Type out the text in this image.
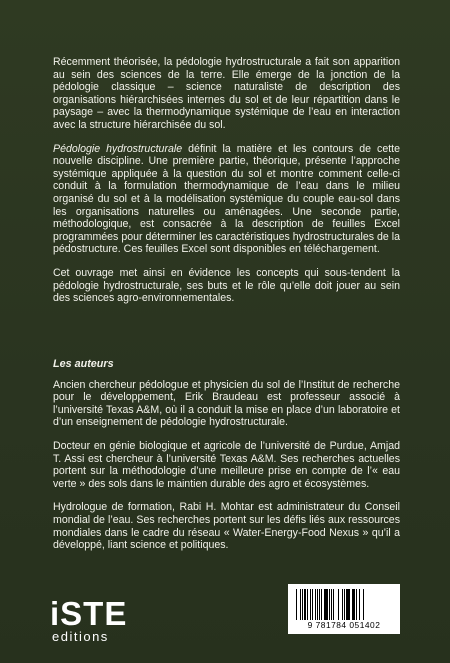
Récemment théorisée, la pédologie hydrostructurale a fait son apparition au sein des sciences de la terre. Elle émerge de la jonction de la pédologie classique – science naturaliste de description des organisations hiérarchisées internes du sol et de leur répartition dans le paysage – avec la thermodynamique systémique de l’eau en interaction avec la structure hiérarchisée du sol.

Pédologie hydrostructurale définit la matière et les contours de cette nouvelle discipline. Une première partie, théorique, présente l’approche systémique appliquée à la question du sol et montre comment celle-ci conduit à la formulation thermodynamique de l’eau dans le milieu organisé du sol et à la modélisation systémique du couple eau-sol dans les organisations naturelles ou aménagées. Une seconde partie, méthodologique, est consacrée à la description de feuilles Excel programmées pour déterminer les caractéristiques hydrostructurales de la pédostructure. Ces feuilles Excel sont disponibles en téléchargement.

Cet ouvrage met ainsi en évidence les concepts qui sous-tendent la pédologie hydrostructurale, ses buts et le rôle qu’elle doit jouer au sein des sciences agro-environnementales.

Les auteurs

Ancien chercheur pédologue et physicien du sol de l’Institut de recherche pour le développement, Erik Braudeau est professeur associé à l’université Texas A&M, où il a conduit la mise en place d’un laboratoire et d’un enseignement de pédologie hydrostructurale.

Docteur en génie biologique et agricole de l’université de Purdue, Amjad T. Assi est chercheur à l’université Texas A&M. Ses recherches actuelles portent sur la méthodologie d’une meilleure prise en compte de l’« eau verte » des sols dans le maintien durable des agro et écosystèmes.

Hydrologue de formation, Rabi H. Mohtar est administrateur du Conseil mondial de l’eau. Ses recherches portent sur les défis liés aux ressources mondiales dans le cadre du réseau « Water-Energy-Food Nexus » qu’il a développé, liant science et politiques.

iSTE
editions
9 781784 051402
